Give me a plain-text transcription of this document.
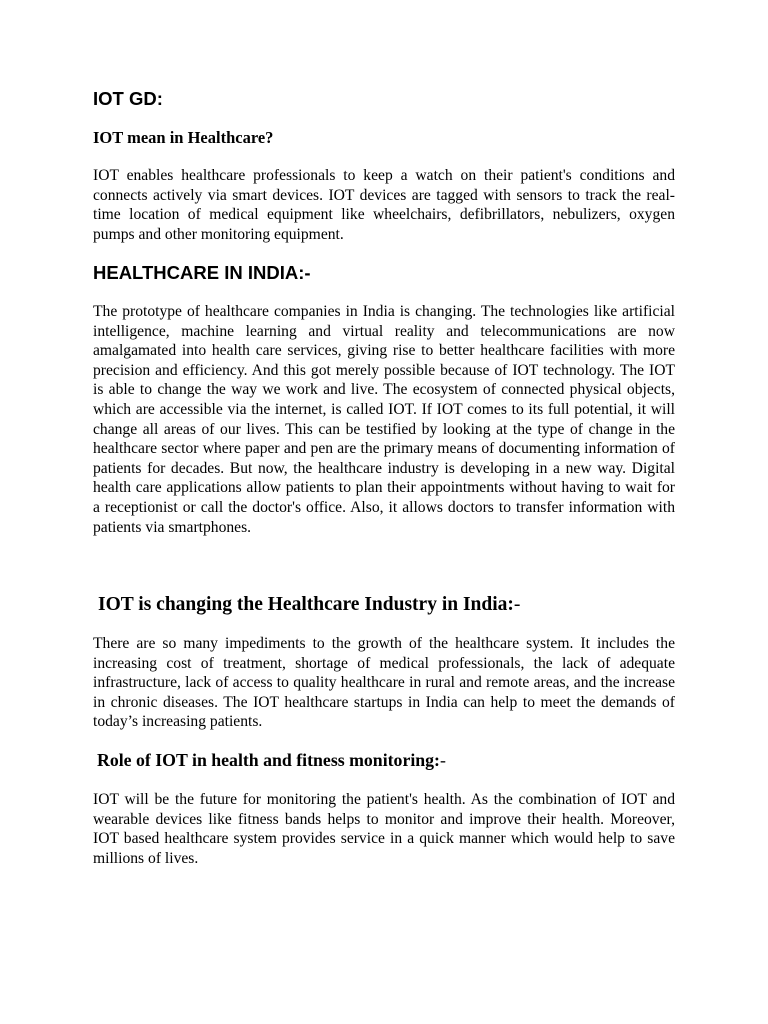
IOT GD:
IOT mean in Healthcare?

IOT enables healthcare professionals to keep a watch on their patient's conditions and connects actively via smart devices. IOT devices are tagged with sensors to track the real-time location of medical equipment like wheelchairs, defibrillators, nebulizers, oxygen pumps and other monitoring equipment.

HEALTHCARE IN INDIA:-

The prototype of healthcare companies in India is changing. The technologies like artificial intelligence, machine learning and virtual reality and telecommunications are now amalgamated into health care services, giving rise to better healthcare facilities with more precision and efficiency. And this got merely possible because of IOT technology. The IOT is able to change the way we work and live. The ecosystem of connected physical objects, which are accessible via the internet, is called IOT. If IOT comes to its full potential, it will change all areas of our lives. This can be testified by looking at the type of change in the healthcare sector where paper and pen are the primary means of documenting information of patients for decades. But now, the healthcare industry is developing in a new way. Digital health care applications allow patients to plan their appointments without having to wait for a receptionist or call the doctor's office. Also, it allows doctors to transfer information with patients via smartphones.

IOT is changing the Healthcare Industry in India:-

There are so many impediments to the growth of the healthcare system. It includes the increasing cost of treatment, shortage of medical professionals, the lack of adequate infrastructure, lack of access to quality healthcare in rural and remote areas, and the increase in chronic diseases. The IOT healthcare startups in India can help to meet the demands of today’s increasing patients.

Role of IOT in health and fitness monitoring:-

IOT will be the future for monitoring the patient's health. As the combination of IOT and wearable devices like fitness bands helps to monitor and improve their health. Moreover, IOT based healthcare system provides service in a quick manner which would help to save millions of lives.
